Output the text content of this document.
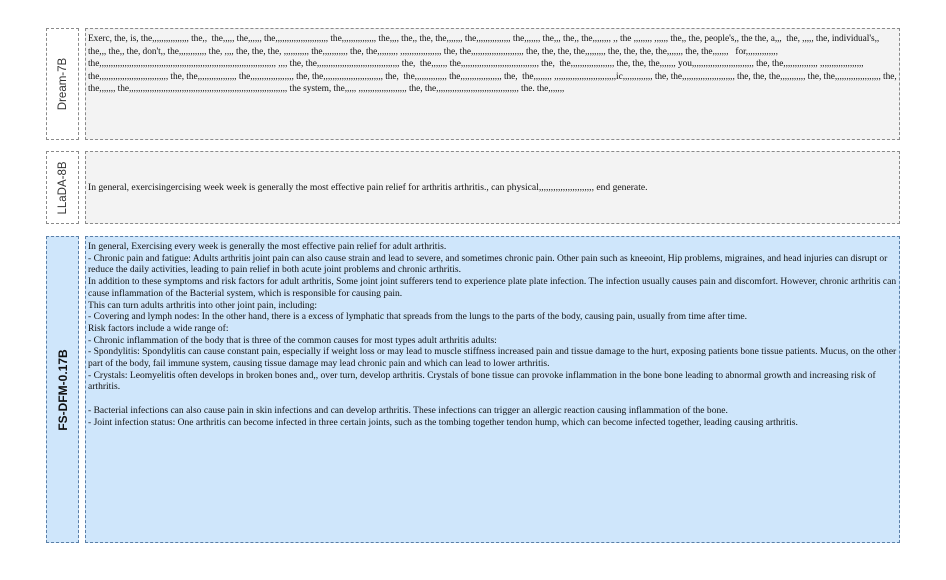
Dream-7B

Exerc, the, is, the,,,,,,,,,,,,,,,, the,,  the,,,,, the,,,,,, the,,,,,,,,,,,,,,,,,,,,,,, the,,,,,,,,,,,,,,, the,,,, the,, the, the,,,,,,, the,,,,,,,,,,,,,,, the,,,,,,, the,,, the,, the,,,,,,,, ,, the ,,,,,,,, ,,,,,, the,, the, people's,, the the, a,,,  the, ,,,,, the, individual's,, the,,, the,, the, don't,, the,,,,,,,,,,,, the, ,,,, the, the, the, ,,,,,,,,,,, the,,,,,,,,,,, the, the,,,,,,,,, ,,,,,,,,,,,,,,,,,, the, the,,,,,,,,,,,,,,,,,,,,,,, the, the, the, the,,,,,,,,, the, the, the, the,,,,,,, the, the,,,,,,,   for,,,,,,,,,,,,,, the,,,,,,,,,,,,,,,,,,,,,,,,,,,,,,,,,,,,,,,,,,,,,,,,,,,,,,,,,,,,,,,,,,,,,,,,,,,,, ,,,, the, the,,,,,,,,,,,,,,,,,,,,,,,,,,,,,,,,,,,, the,  the,,,,,,, the,,,,,,,,,,,,,,,,,,,,,,,,,,,,,,,,,, the,  the,,,,,,,,,,,,,,,,,,, the, the, the,,,,,,, you,,,,,,,,,,,,,,,,,,,,,,,,,,, the, the,,,,,,,,,,,,,,, ,,,,,,,,,,,,,,,,,,, the,,,,,,,,,,,,,,,,,,,,,,,,,,,,,, the, the,,,,,,,,,,,,,,,,, the,,,,,,,,,,,,,,,,,,, the, the,,,,,,,,,,,,,,,,,,,,,,,,,, the,  the,,,,,,,,,,,,,, the,,,,,,,,,,,,,,,,,, the,  the,,,,,,,, ,,,,,,,,,,,,,,,,,,,,,,,,,,,ic,,,,,,,,,,,,, the, the,,,,,,,,,,,,,,,,,,,,,,, the, the, the,,,,,,,,,,, the, the,,,,,,,,,,,,,,,,,,,, the, the,,,,,,, the,,,,,,,,,,,,,,,,,,,,,,,,,,,,,,,,,,,,,,,,,,,,,,,,,,,,,,,,,,,,,,,,,,,,, the system, the,,,,, ,,,,,,,,,,,,,,,,,,,,, the, the,,,,,,,,,,,,,,,,,,,,,,,,,,,,,,,,,,,, the. the,,,,,,,

LLaDA-8B In general, exercisingercising week week is generally the most effective pain relief for arthritis arthritis., can physical,,,,,,,,,,,,,,,,,,,,,,, end generate.

FS-DFM-0.17B

In general, Exercising every week is generally the most effective pain relief for adult arthritis.
- Chronic pain and fatigue: Adults arthritis joint pain can also cause strain and lead to severe, and sometimes chronic pain. Other pain such as kneeoint, Hip problems, migraines, and head injuries can disrupt or reduce the daily activities, leading to pain relief in both acute joint problems and chronic arthritis.
In addition to these symptoms and risk factors for adult arthritis, Some joint joint sufferers tend to experience plate plate infection. The infection usually causes pain and discomfort. However, chronic arthritis can cause inflammation of the Bacterial system, which is responsible for causing pain.
This can turn adults arthritis into other joint pain, including:
- Covering and lymph nodes: In the other hand, there is a excess of lymphatic that spreads from the lungs to the parts of the body, causing pain, usually from time after time.
Risk factors include a wide range of:
- Chronic inflammation of the body that is three of the common causes for most types adult arthritis adults:
- Spondylitis: Spondylitis can cause constant pain, especially if weight loss or may lead to muscle stiffness increased pain and tissue damage to the hurt, exposing patients bone tissue patients. Mucus, on the other part of the body, fail immune system, causing tissue damage may lead chronic pain and which can lead to lower arthritis.
- Crystals: Leomyelitis often develops in broken bones and,, over turn, develop arthritis. Crystals of bone tissue can provoke inflammation in the bone bone leading to abnormal growth and increasing risk of arthritis.

- Bacterial infections can also cause pain in skin infections and can develop arthritis. These infections can trigger an allergic reaction causing inflammation of the bone.
- Joint infection status: One arthritis can become infected in three certain joints, such as the tombing together tendon hump, which can become infected together, leading causing arthritis.
